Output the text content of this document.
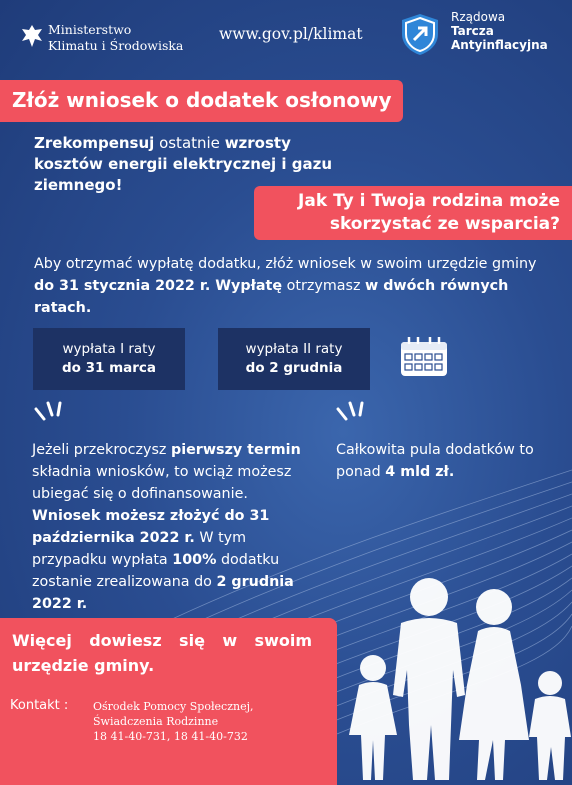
Ministerstwo
Klimatu i Środowiska
www.gov.pl/klimat
Rządowa
Tarcza
Antyinflacyjna
Złóż wniosek o dodatek osłonowy
Zrekompensuj ostatnie wzrosty kosztów energii elektrycznej i gazu ziemnego!
Jak Ty i Twoja rodzina może
skorzystać ze wsparcia?
Aby otrzymać wypłatę dodatku, złóż wniosek w swoim urzędzie gminy do 31 stycznia 2022 r. Wypłatę otrzymasz w dwóch równych ratach.
wypłata I raty
do 31 marca
wypłata II raty
do 2 grudnia
Jeżeli przekroczysz pierwszy termin składnia wniosków, to wciąż możesz ubiegać się o dofinansowanie. Wniosek możesz złożyć do 31 października 2022 r. W tym przypadku wypłata 100% dodatku zostanie zrealizowana do 2 grudnia 2022 r.
Całkowita pula dodatków to ponad 4 mld zł.
Więcej dowiesz się w swoim urzędzie gminy.
Kontakt : Ośrodek Pomocy Społecznej,
Świadczenia Rodzinne
18 41-40-731, 18 41-40-732
